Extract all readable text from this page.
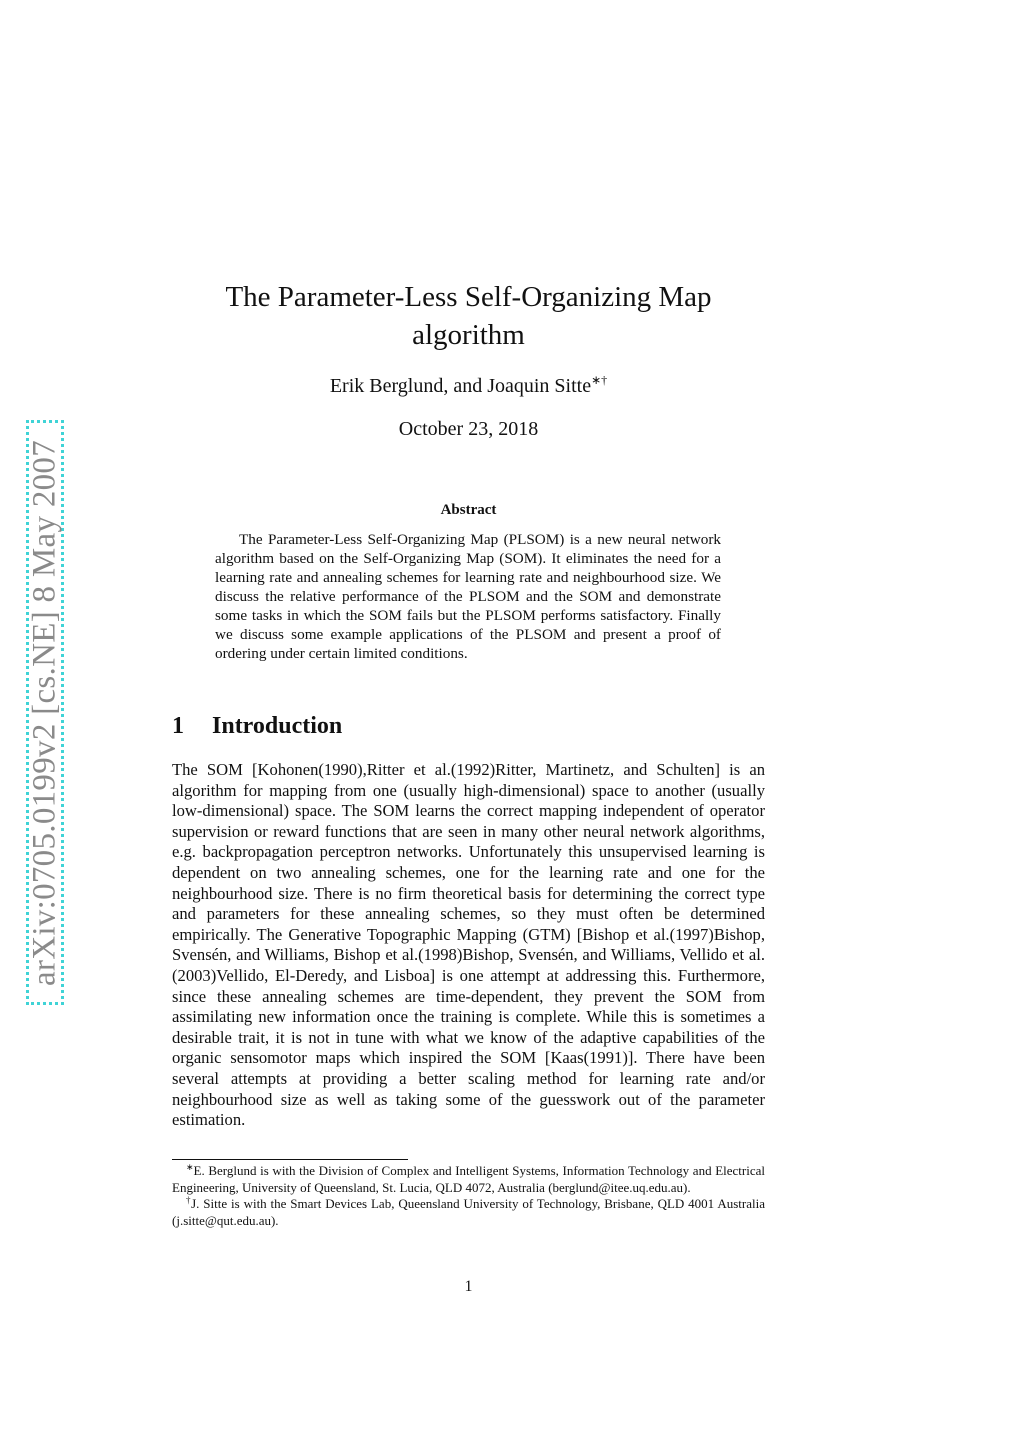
arXiv:0705.0199v2 [cs.NE] 8 May 2007
The Parameter-Less Self-Organizing Map algorithm
Erik Berglund, and Joaquin Sitte∗†
October 23, 2018
Abstract

The Parameter-Less Self-Organizing Map (PLSOM) is a new neural network algorithm based on the Self-Organizing Map (SOM). It eliminates the need for a learning rate and annealing schemes for learning rate and neighbourhood size. We discuss the relative performance of the PLSOM and the SOM and demonstrate some tasks in which the SOM fails but the PLSOM performs satisfactory. Finally we discuss some example applications of the PLSOM and present a proof of ordering under certain limited conditions.

1 Introduction

The SOM [Kohonen(1990),Ritter et al.(1992)Ritter, Martinetz, and Schulten] is an algorithm for mapping from one (usually high-dimensional) space to another (usually low-dimensional) space. The SOM learns the correct mapping independent of operator supervision or reward functions that are seen in many other neural network algorithms, e.g. backpropagation perceptron networks. Unfortunately this unsupervised learning is dependent on two annealing schemes, one for the learning rate and one for the neighbourhood size. There is no firm theoretical basis for determining the correct type and parameters for these annealing schemes, so they must often be determined empirically. The Generative Topographic Mapping (GTM) [Bishop et al.(1997)Bishop, Svensén, and Williams, Bishop et al.(1998)Bishop, Svensén, and Williams, Vellido et al.(2003)Vellido, El-Deredy, and Lisboa] is one attempt at addressing this. Furthermore, since these annealing schemes are time-dependent, they prevent the SOM from assimilating new information once the training is complete. While this is sometimes a desirable trait, it is not in tune with what we know of the adaptive capabilities of the organic sensomotor maps which inspired the SOM [Kaas(1991)]. There have been several attempts at providing a better scaling method for learning rate and/or neighbourhood size as well as taking some of the guesswork out of the parameter estimation.

∗E. Berglund is with the Division of Complex and Intelligent Systems, Information Technology and Electrical Engineering, University of Queensland, St. Lucia, QLD 4072, Australia (berglund@itee.uq.edu.au).

†J. Sitte is with the Smart Devices Lab, Queensland University of Technology, Brisbane, QLD 4001 Australia (j.sitte@qut.edu.au).

1
